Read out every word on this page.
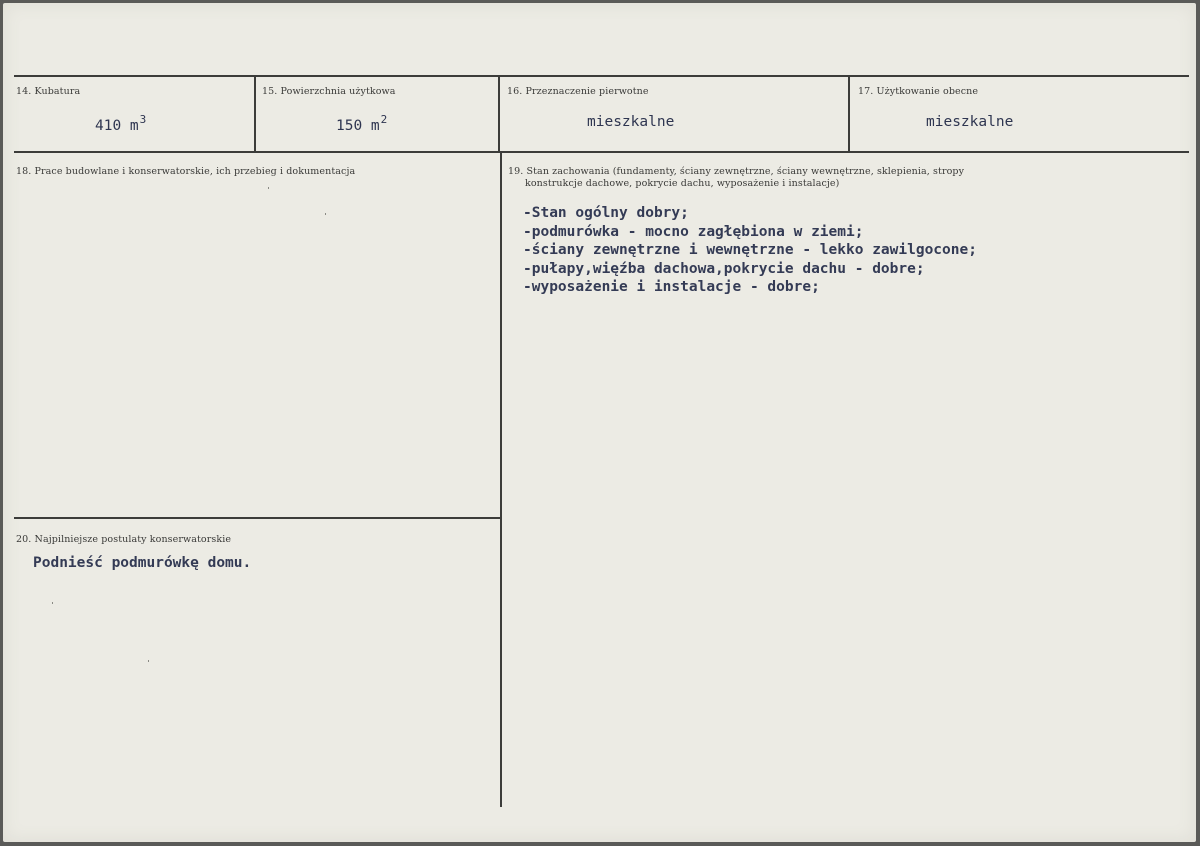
14. Kubatura	15. Powierzchnia użytkowa	16. Przeznaczenie pierwotne	17. Użytkowanie obecne
410 $m^3$	150 $m^2$	mieszkalne	mieszkalne
18. Prace budowlane i konserwatorskie, ich przebieg i dokumentacja	19. Stan zachowania (fundamenty, ściany zewnętrzne, ściany wewnętrzne, sklepienia, stropy
konstrukcje dachowe, pokrycie dachu, wyposażenie i instalacje)
-Stan ogólny dobry;
-podmurówka - mocno zagłębiona w ziemi;
-ściany zewnętrzne i wewnętrzne - lekko zawilgocone;
-pułapy,więźba dachowa,pokrycie dachu - dobre;
-wyposażenie i instalacje - dobre;
20. Najpilniejsze postulaty konserwatorskie
Podnieść podmurówkę domu.
